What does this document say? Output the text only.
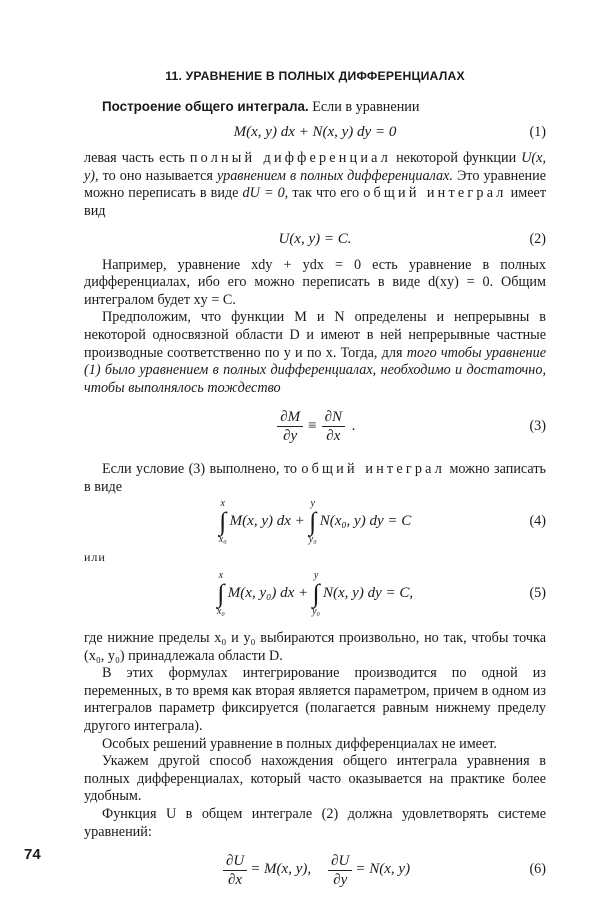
11. УРАВНЕНИЕ В ПОЛНЫХ ДИФФЕРЕНЦИАЛАХ

Построение общего интеграла. Если в уравнении

M(x, y) dx + N(x, y) dy = 0	(1)

левая часть есть полный дифференциал некоторой функции U(x, y), то оно называется уравнением в полных дифференциалах. Это уравнение можно переписать в виде dU = 0, так что его общий интеграл имеет вид

U(x, y) = C.	(2)

Например, уравнение xdy + ydx = 0 есть уравнение в полных дифференциалах, ибо его можно переписать в виде d(xy) = 0. Общим интегралом будет xy = C.

Предположим, что функции M и N определены и непрерывны в некоторой односвязной области D и имеют в ней непрерывные частные производные соответственно по y и по x. Тогда, для того чтобы уравнение (1) было уравнением в полных дифференциалах, необходимо и достаточно, чтобы выполнялось тождество

$\frac{\partial M}{\partial y} \equiv \frac{\partial N}{\partial x}$ .	(3)

Если условие (3) выполнено, то общий интеграл можно записать в виде

x
∫
x₀
M(x, y) dx +
y
∫
y₀
N(x₀, y) dy = C	(4)
или
x
∫
x₀
M(x, y₀) dx +
y
∫
y₀
N(x, y) dy = C,	(5)

где нижние пределы x₀ и y₀ выбираются произвольно, но так, чтобы точка (x₀, y₀) принадлежала области D.

В этих формулах интегрирование производится по одной из переменных, в то время как вторая является параметром, причем в одном из интегралов параметр фиксируется (полагается равным нижнему пределу другого интеграла).

Особых решений уравнение в полных дифференциалах не имеет.

Укажем другой способ нахождения общего интеграла уравнения в полных дифференциалах, который часто оказывается на практике более удобным.

Функция U в общем интеграле (2) должна удовлетворять системе уравнений:

$\frac{\partial U}{\partial x} = M(x$, y), $\frac{\partial U}{\partial y} = N(x$, y)	(6)
74
